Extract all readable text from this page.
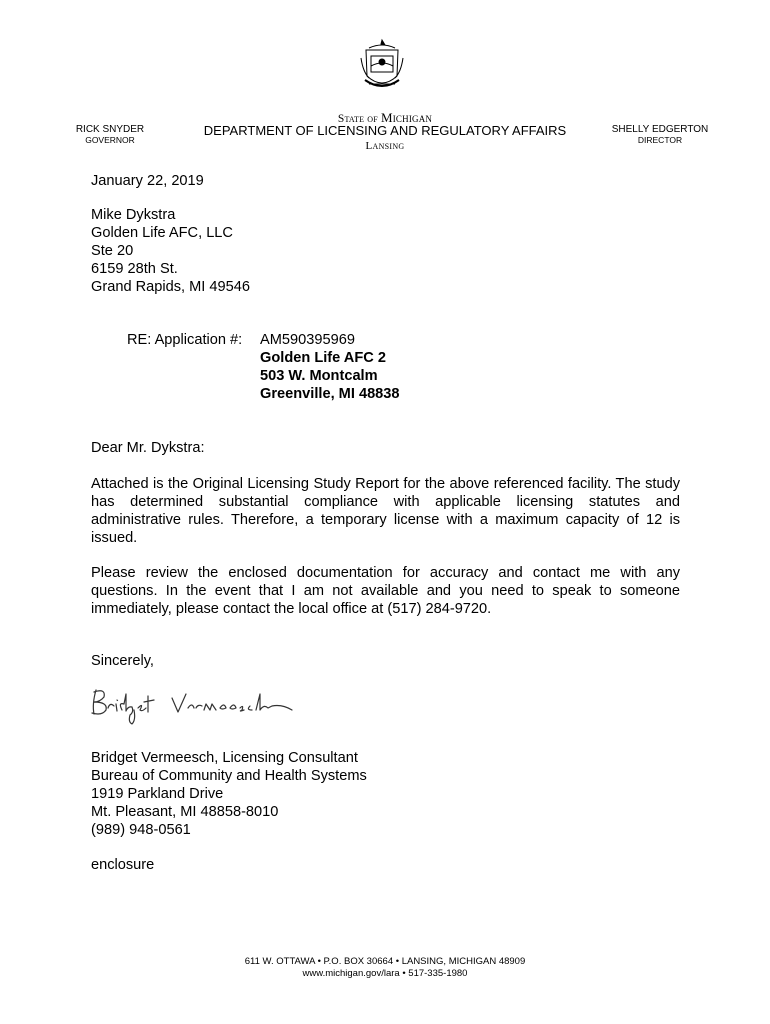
State of Michigan
DEPARTMENT OF LICENSING AND REGULATORY AFFAIRS
Lansing
RICK SNYDER
GOVERNOR
SHELLY EDGERTON
DIRECTOR
January 22, 2019
Mike Dykstra
Golden Life AFC, LLC
Ste 20
6159 28th St.
Grand Rapids, MI 49546
RE: Application #: AM590395969
Golden Life AFC 2
503 W. Montcalm
Greenville, MI 48838
Dear Mr. Dykstra:
Attached is the Original Licensing Study Report for the above referenced facility. The study has determined substantial compliance with applicable licensing statutes and administrative rules. Therefore, a temporary license with a maximum capacity of 12 is issued.
Please review the enclosed documentation for accuracy and contact me with any questions. In the event that I am not available and you need to speak to someone immediately, please contact the local office at (517) 284-9720.
Sincerely,
Bridget Vermeesch, Licensing Consultant
Bureau of Community and Health Systems
1919 Parkland Drive
Mt. Pleasant, MI 48858-8010
(989) 948-0561
enclosure
611 W. OTTAWA • P.O. BOX 30664 • LANSING, MICHIGAN 48909
www.michigan.gov/lara • 517-335-1980
